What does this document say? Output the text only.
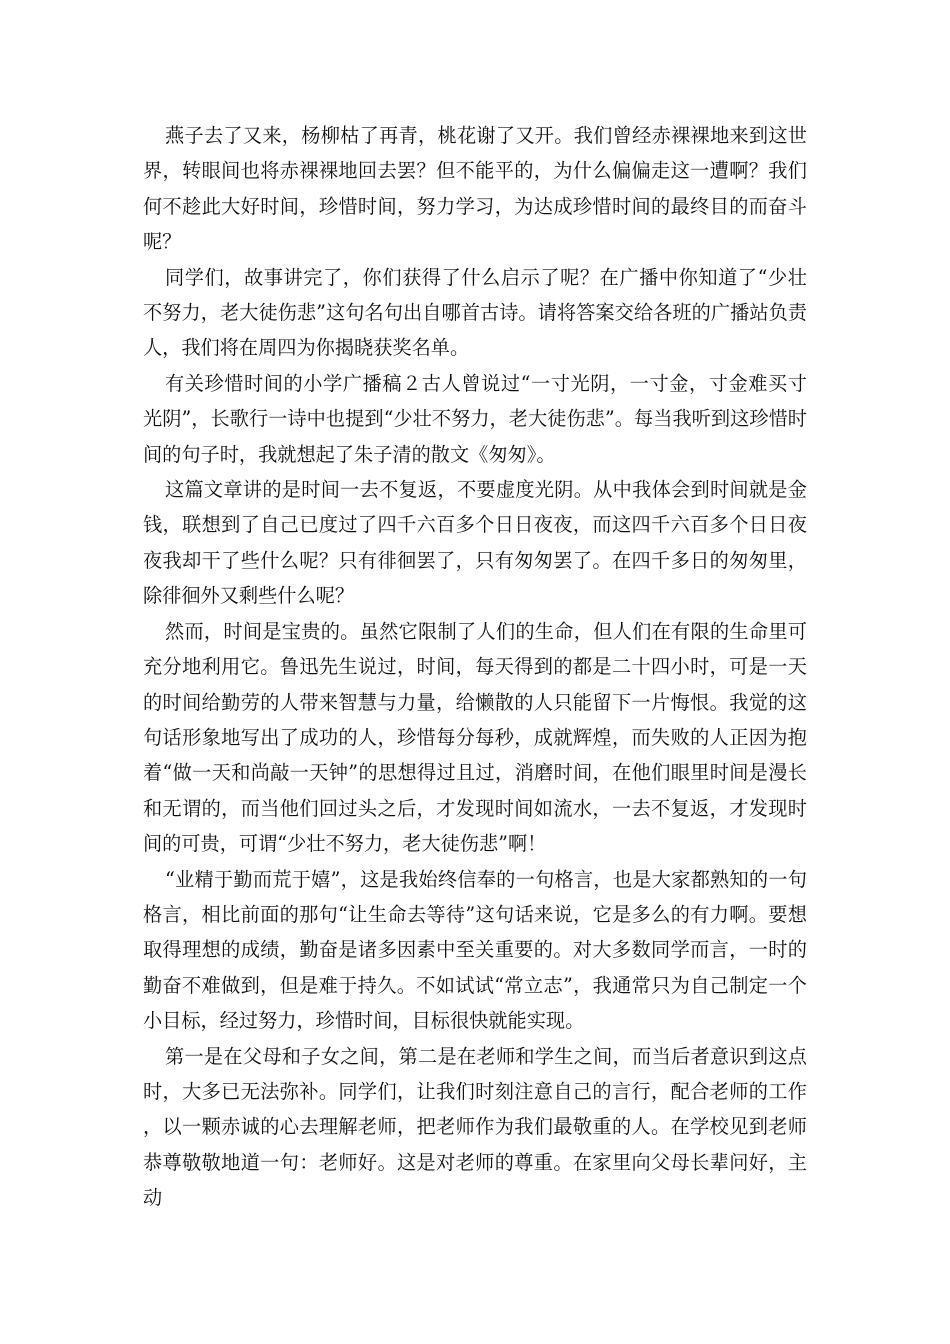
燕子去了又来，杨柳枯了再青，桃花谢了又开。我们曾经赤裸裸地来到这世界，转眼间也将赤裸裸地回去罢？但不能平的，为什么偏偏走这一遭啊？我们何不趁此大好时间，珍惜时间，努力学习，为达成珍惜时间的最终目的而奋斗呢？

同学们，故事讲完了，你们获得了什么启示了呢？在广播中你知道了“少壮不努力，老大徒伤悲”这句名句出自哪首古诗。请将答案交给各班的广播站负责人，我们将在周四为你揭晓获奖名单。

有关珍惜时间的小学广播稿２古人曾说过“一寸光阴，一寸金，寸金难买寸光阴”，长歌行一诗中也提到“少壮不努力，老大徒伤悲”。每当我听到这珍惜时间的句子时，我就想起了朱子清的散文《匆匆》。

这篇文章讲的是时间一去不复返，不要虚度光阴。从中我体会到时间就是金钱，联想到了自己已度过了四千六百多个日日夜夜，而这四千六百多个日日夜夜我却干了些什么呢？只有徘徊罢了，只有匆匆罢了。在四千多日的匆匆里，除徘徊外又剩些什么呢？

然而，时间是宝贵的。虽然它限制了人们的生命，但人们在有限的生命里可充分地利用它。鲁迅先生说过，时间，每天得到的都是二十四小时，可是一天的时间给勤劳的人带来智慧与力量，给懒散的人只能留下一片悔恨。我觉的这句话形象地写出了成功的人，珍惜每分每秒，成就辉煌，而失败的人正因为抱着“做一天和尚敲一天钟”的思想得过且过，消磨时间，在他们眼里时间是漫长和无谓的，而当他们回过头之后，才发现时间如流水，一去不复返，才发现时间的可贵，可谓“少壮不努力，老大徒伤悲”啊！

“业精于勤而荒于嬉”，这是我始终信奉的一句格言，也是大家都熟知的一句格言，相比前面的那句“让生命去等待”这句话来说，它是多么的有力啊。要想取得理想的成绩，勤奋是诸多因素中至关重要的。对大多数同学而言，一时的勤奋不难做到，但是难于持久。不如试试“常立志”，我通常只为自己制定一个小目标，经过努力，珍惜时间，目标很快就能实现。

第一是在父母和子女之间，第二是在老师和学生之间，而当后者意识到这点时，大多已无法弥补。同学们，让我们时刻注意自己的言行，配合老师的工作，以一颗赤诚的心去理解老师，把老师作为我们最敬重的人。在学校见到老师恭尊敬敬地道一句：老师好。这是对老师的尊重。在家里向父母长辈问好，主动
